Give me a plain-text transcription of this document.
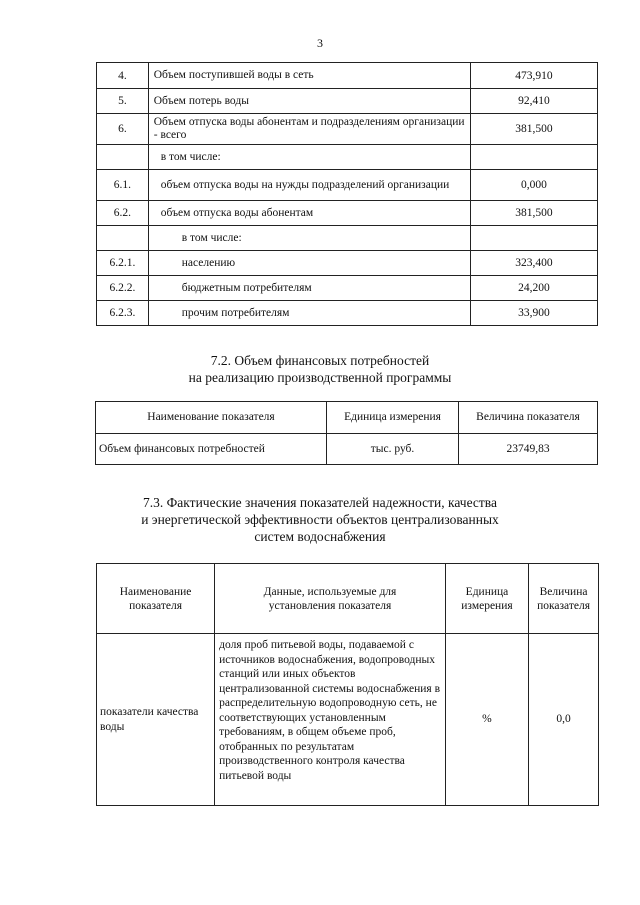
3
4.	Объем поступившей воды в сеть	473,910
5.	Объем потерь воды	92,410
6.	Объем отпуска воды абонентам и подразделениям организации - всего	381,500
	в том числе:	
6.1.	объем отпуска воды на нужды подразделений организации	0,000
6.2.	объем отпуска воды абонентам	381,500
	в том числе:	
6.2.1.	населению	323,400
6.2.2.	бюджетным потребителям	24,200
6.2.3.	прочим потребителям	33,900
7.2. Объем финансовых потребностей
на реализацию производственной программы
Наименование показателя	Единица измерения	Величина показателя
Объем финансовых потребностей	тыс. руб.	23749,83
7.3. Фактические значения показателей надежности, качества
и энергетической эффективности объектов централизованных
систем водоснабжения
Наименование показателя	Данные, используемые для установления показателя	Единица измерения	Величина показателя
показатели качества воды	доля проб питьевой воды, подаваемой с источников водоснабжения, водопроводных станций или иных объектов централизованной системы водоснабжения в распределительную водопроводную сеть, не соответствующих установленным требованиям, в общем объеме проб, отобранных по результатам производственного контроля качества питьевой воды	%	0,0
